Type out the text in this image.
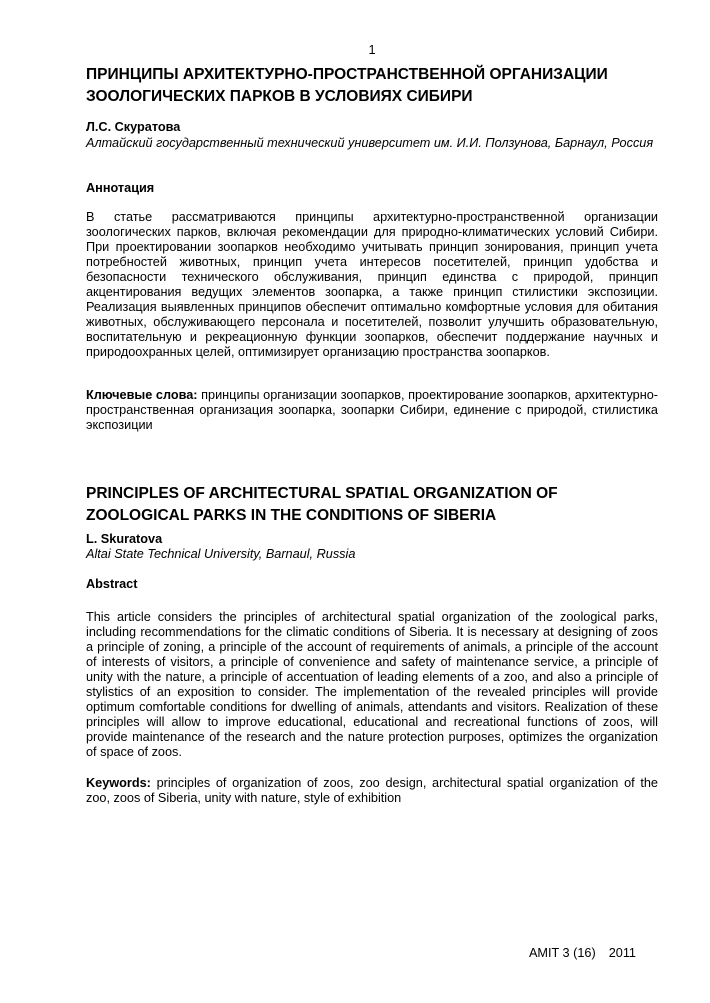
1
ПРИНЦИПЫ АРХИТЕКТУРНО-ПРОСТРАНСТВЕННОЙ ОРГАНИЗАЦИИ ЗООЛОГИЧЕСКИХ ПАРКОВ В УСЛОВИЯХ СИБИРИ
Л.С. Скуратова
Алтайский государственный технический университет им. И.И. Ползунова, Барнаул, Россия
Аннотация

В статье рассматриваются принципы архитектурно-пространственной организации зоологических парков, включая рекомендации для природно-климатических условий Сибири. При проектировании зоопарков необходимо учитывать принцип зонирования, принцип учета потребностей животных, принцип учета интересов посетителей, принцип удобства и безопасности технического обслуживания, принцип единства с природой, принцип акцентирования ведущих элементов зоопарка, а также принцип стилистики экспозиции. Реализация выявленных принципов обеспечит оптимально комфортные условия для обитания животных, обслуживающего персонала и посетителей, позволит улучшить образовательную, воспитательную и рекреационную функции зоопарков, обеспечит поддержание научных и природоохранных целей, оптимизирует организацию пространства зоопарков.

Ключевые слова: принципы организации зоопарков, проектирование зоопарков, архитектурно-пространственная организация зоопарка, зоопарки Сибири, единение с природой, стилистика экспозиции

PRINCIPLES OF ARCHITECTURAL SPATIAL ORGANIZATION OF ZOOLOGICAL PARKS IN THE CONDITIONS OF SIBERIA
L. Skuratova
Altai State Technical University, Barnaul, Russia
Abstract

This article considers the principles of architectural spatial organization of the zoological parks, including recommendations for the climatic conditions of Siberia. It is necessary at designing of zoos a principle of zoning, a principle of the account of requirements of animals, a principle of the account of interests of visitors, a principle of convenience and safety of maintenance service, a principle of unity with the nature, a principle of accentuation of leading elements of a zoo, and also a principle of stylistics of an exposition to consider. The implementation of the revealed principles will provide optimum comfortable conditions for dwelling of animals, attendants and visitors. Realization of these principles will allow to improve educational, educational and recreational functions of zoos, will provide maintenance of the research and the nature protection purposes, optimizes the organization of space of zoos.

Keywords: principles of organization of zoos, zoo design, architectural spatial organization of the zoo, zoos of Siberia, unity with nature, style of exhibition

AMIT 3 (16) 2011
